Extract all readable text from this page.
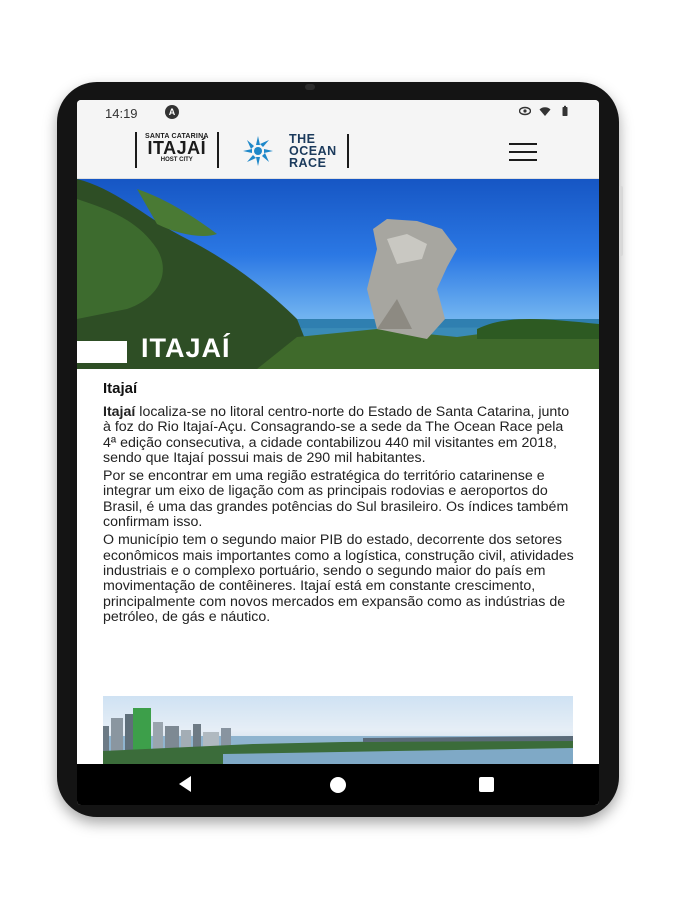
14:19	A
SANTA CATARINA
ITAJAÍ
HOST CITY
THE
OCEAN
RACE
ITAJAÍ
Itajaí

Itajaí localiza-se no litoral centro-norte do Estado de Santa Catarina, junto à foz do Rio Itajaí-Açu. Consagrando-se a sede da The Ocean Race pela 4ª edição consecutiva, a cidade contabilizou 440 mil visitantes em 2018, sendo que Itajaí possui mais de 290 mil habitantes.

Por se encontrar em uma região estratégica do território catarinense e integrar um eixo de ligação com as principais rodovias e aeroportos do Brasil, é uma das grandes potências do Sul brasileiro. Os índices também confirmam isso.

O município tem o segundo maior PIB do estado, decorrente dos setores econômicos mais importantes como a logística, construção civil, atividades industriais e o complexo portuário, sendo o segundo maior do país em movimentação de contêineres. Itajaí está em constante crescimento, principalmente com novos mercados em expansão como as indústrias de petróleo, de gás e náutico.
